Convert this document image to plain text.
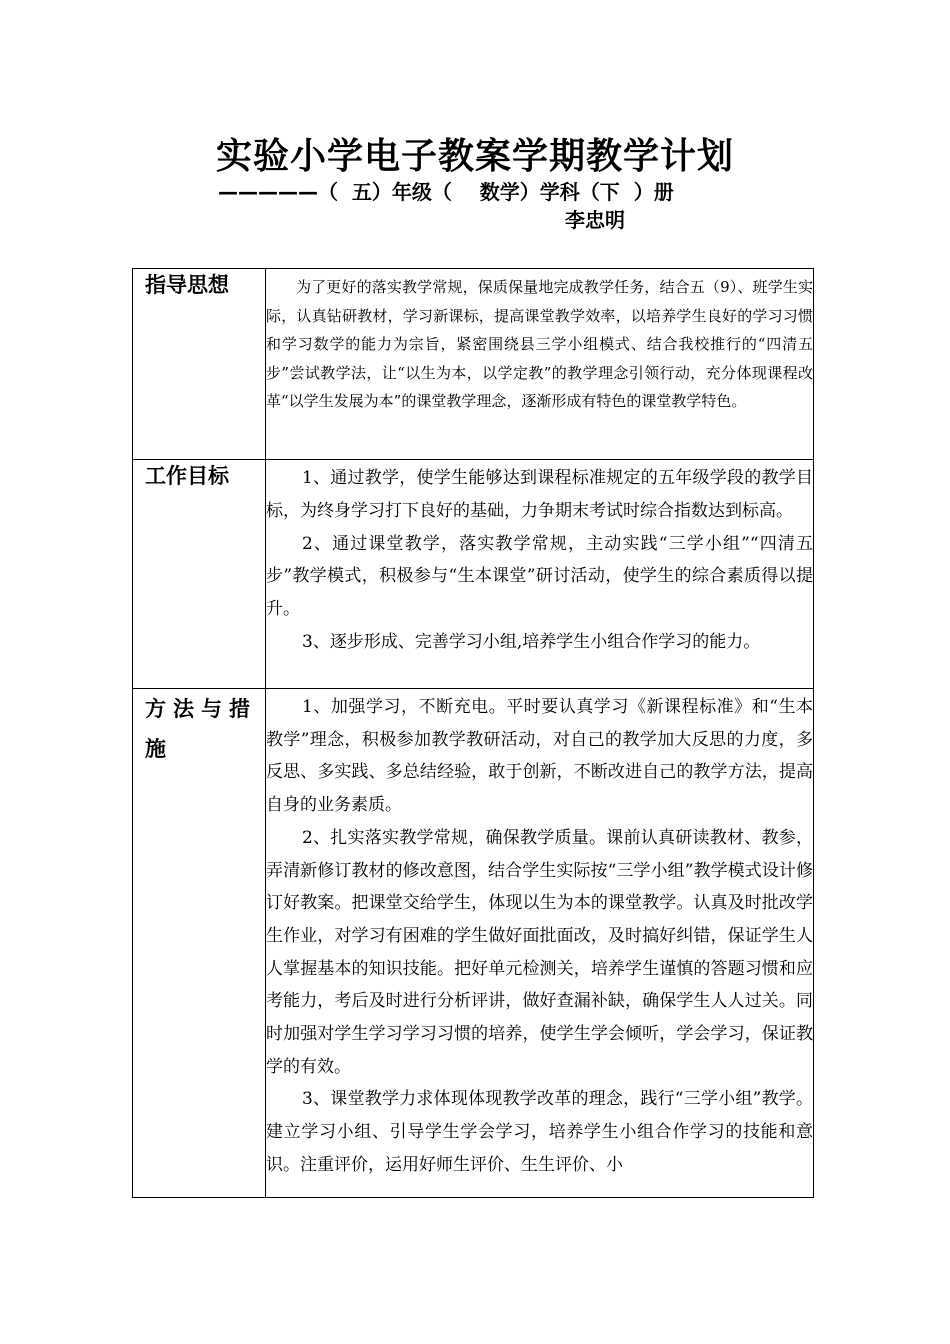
实验小学电子教案学期教学计划
—————（  五）年级（    数学）学科（下  ）册
李忠明
指导思想	为了更好的落实教学常规，保质保量地完成教学任务，结合五（9）、班学生实际，认真钻研教材，学习新课标，提高课堂教学效率，以培养学生良好的学习习惯和学习数学的能力为宗旨，紧密围绕县三学小组模式、结合我校推行的“四清五步”尝试教学法，让“以生为本，以学定教”的教学理念引领行动，充分体现课程改革“以学生发展为本”的课堂教学理念，逐渐形成有特色的课堂教学特色。

工作目标	1、通过教学，使学生能够达到课程标准规定的五年级学段的教学目标，为终身学习打下良好的基础，力争期末考试时综合指数达到标高。
2、通过课堂教学，落实教学常规，主动实践“三学小组”“四清五步”教学模式，积极参与“生本课堂”研讨活动，使学生的综合素质得以提升。
3、逐步形成、完善学习小组,培养学生小组合作学习的能力。

方法与措施	1、加强学习，不断充电。平时要认真学习《新课程标准》和“生本教学”理念，积极参加教学教研活动，对自己的教学加大反思的力度，多反思、多实践、多总结经验，敢于创新，不断改进自己的教学方法，提高自身的业务素质。
2、扎实落实教学常规，确保教学质量。课前认真研读教材、教参，弄清新修订教材的修改意图，结合学生实际按“三学小组”教学模式设计修订好教案。把课堂交给学生，体现以生为本的课堂教学。认真及时批改学生作业，对学习有困难的学生做好面批面改，及时搞好纠错，保证学生人人掌握基本的知识技能。把好单元检测关，培养学生谨慎的答题习惯和应考能力，考后及时进行分析评讲，做好查漏补缺，确保学生人人过关。同时加强对学生学习学习习惯的培养，使学生学会倾听，学会学习，保证教学的有效。
3、课堂教学力求体现体现教学改革的理念，践行“三学小组”教学。建立学习小组、引导学生学会学习，培养学生小组合作学习的技能和意识。注重评价，运用好师生评价、生生评价、小
